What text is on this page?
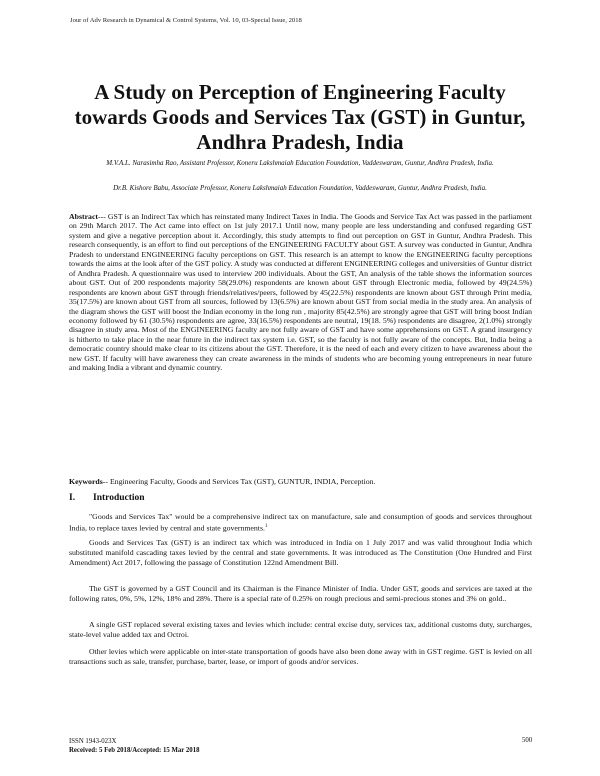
Jour of Adv Research in Dynamical & Control Systems, Vol. 10, 03-Special Issue, 2018
A Study on Perception of Engineering Faculty towards Goods and Services Tax (GST) in Guntur, Andhra Pradesh, India

M.V.A.L. Narasimha Rao, Assistant Professor, Koneru Lakshmaiah Education Foundation, Vaddeswaram, Guntur, Andhra Pradesh, India.

Dr.B. Kishore Babu, Associate Professor, Koneru Lakshmaiah Education Foundation, Vaddeswaram, Guntur, Andhra Pradesh, India.

Abstract--- GST is an Indirect Tax which has reinstated many Indirect Taxes in India. The Goods and Service Tax Act was passed in the parliament on 29th March 2017. The Act came into effect on 1st july 2017.1 Until now, many people are less understanding and confused regarding GST system and give a negative perception about it. Accordingly, this study attempts to find out perception on GST in Guntur, Andhra Pradesh. This research consequently, is an effort to find out perceptions of the ENGINEERING FACULTY about GST. A survey was conducted in Guntur, Andhra Pradesh to understand ENGINEERING faculty perceptions on GST. This research is an attempt to know the ENGINEERING faculty perceptions towards the aims at the look after of the GST policy. A study was conducted at different ENGINEERING colleges and universities of Guntur district of Andhra Pradesh. A questionnaire was used to interview 200 individuals. About the GST, An analysis of the table shows the information sources about GST. Out of 200 respondents majority 58(29.0%) respondents are known about GST through Electronic media, followed by 49(24.5%) respondents are known about GST through friends/relatives/peers, followed by 45(22.5%) respondents are known about GST through Print media, 35(17.5%) are known about GST from all sources, followed by 13(6.5%) are known about GST from social media in the study area. An analysis of the diagram shows the GST will boost the Indian economy in the long run , majority 85(42.5%) are strongly agree that GST will bring boost Indian economy followed by 61 (30.5%) respondents are agree, 33(16.5%) respondents are neutral, 19(18. 5%) respondents are disagree, 2(1.0%) strongly disagree in study area. Most of the ENGINEERING faculty are not fully aware of GST and have some apprehensions on GST. A grand insurgency is hitherto to take place in the near future in the indirect tax system i.e. GST, so the faculty is not fully aware of the concepts. But, India being a democratic country should make clear to its citizens about the GST. Therefore, it is the need of each and every citizen to have awareness about the new GST. If faculty will have awareness they can create awareness in the minds of students who are becoming young entrepreneurs in near future and making India a vibrant and dynamic country.

Keywords-- Engineering Faculty, Goods and Services Tax (GST), GUNTUR, INDIA, Perception.

I. Introduction

"Goods and Services Tax" would be a comprehensive indirect tax on manufacture, sale and consumption of goods and services throughout India, to replace taxes levied by central and state governments.$^1$

Goods and Services Tax (GST) is an indirect tax which was introduced in India on 1 July 2017 and was valid throughout India which substituted manifold cascading taxes levied by the central and state governments. It was introduced as The Constitution (One Hundred and First Amendment) Act 2017, following the passage of Constitution 122nd Amendment Bill.

The GST is governed by a GST Council and its Chairman is the Finance Minister of India. Under GST, goods and services are taxed at the following rates, 0%, 5%, 12%, 18% and 28%. There is a special rate of 0.25% on rough precious and semi-precious stones and 3% on gold..

A single GST replaced several existing taxes and levies which include: central excise duty, services tax, additional customs duty, surcharges, state-level value added tax and Octroi.

Other levies which were applicable on inter-state transportation of goods have also been done away with in GST regime. GST is levied on all transactions such as sale, transfer, purchase, barter, lease, or import of goods and/or services.

ISSN 1943-023X
Received: 5 Feb 2018/Accepted: 15 Mar 2018
500
